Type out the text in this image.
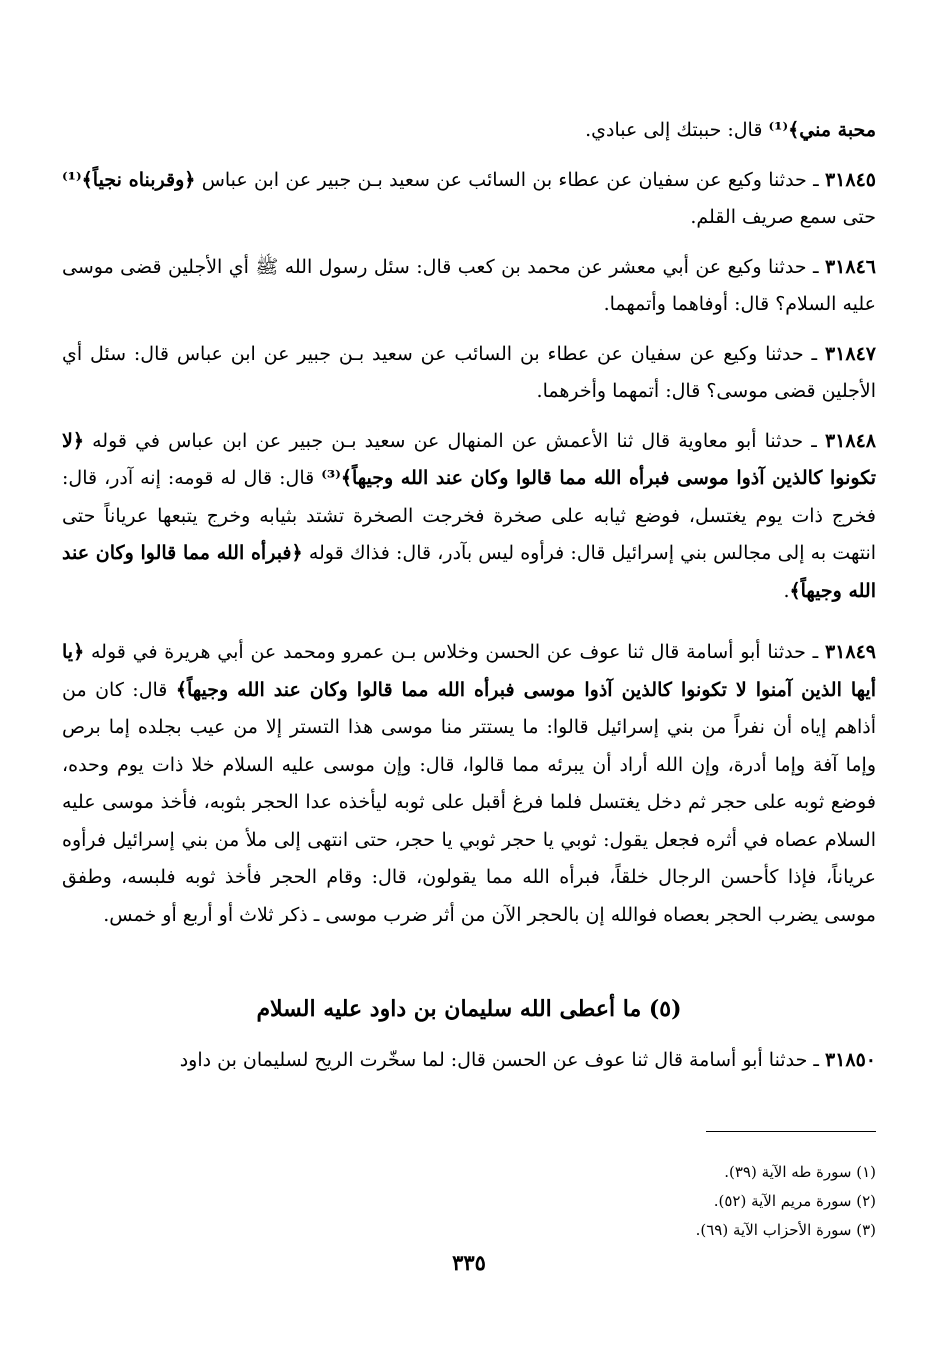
محبة مني﴾⁽¹⁾ قال: حببتك إلى عبادي.

٣١٨٤٥ ـ حدثنا وكيع عن سفيان عن عطاء بن السائب عن سعيد بـن جبير عن ابن عباس ﴿وقربناه نجياً﴾⁽¹⁾ حتى سمع صريف القلم.

٣١٨٤٦ ـ حدثنا وكيع عن أبي معشر عن محمد بن كعب قال: سئل رسول الله ﷺ أي الأجلين قضى موسى عليه السلام؟ قال: أوفاهما وأتمهما.

٣١٨٤٧ ـ حدثنا وكيع عن سفيان عن عطاء بن السائب عن سعيد بـن جبير عن ابن عباس قال: سئل أي الأجلين قضى موسى؟ قال: أتمهما وأخرهما.

٣١٨٤٨ ـ حدثنا أبو معاوية قال ثنا الأعمش عن المنهال عن سعيد بـن جبير عن ابن عباس في قوله ﴿لا تكونوا كالذين آذوا موسى فبرأه الله مما قالوا وكان عند الله وجيهاً﴾⁽³⁾ قال: قال له قومه: إنه آدر، قال: فخرج ذات يوم يغتسل، فوضع ثيابه على صخرة فخرجت الصخرة تشتد بثيابه وخرج يتبعها عرياناً حتى انتهت به إلى مجالس بني إسرائيل قال: فرأوه ليس بآدر، قال: فذاك قوله ﴿فبرأه الله مما قالوا وكان عند الله وجيهاً﴾.

٣١٨٤٩ ـ حدثنا أبو أسامة قال ثنا عوف عن الحسن وخلاس بـن عمرو ومحمد عن أبي هريرة في قوله ﴿يا أيها الذين آمنوا لا تكونوا كالذين آذوا موسى فبرأه الله مما قالوا وكان عند الله وجيهاً﴾ قال: كان من أذاهم إياه أن نفراً من بني إسرائيل قالوا: ما يستتر منا موسى هذا التستر إلا من عيب بجلده إما برص وإما آفة وإما أدرة، وإن الله أراد أن يبرئه مما قالوا، قال: وإن موسى عليه السلام خلا ذات يوم وحده، فوضع ثوبه على حجر ثم دخل يغتسل فلما فرغ أقبل على ثوبه ليأخذه عدا الحجر بثوبه، فأخذ موسى عليه السلام عصاه في أثره فجعل يقول: ثوبي يا حجر ثوبي يا حجر، حتى انتهى إلى ملأ من بني إسرائيل فرأوه عرياناً، فإذا كأحسن الرجال خلقاً، فبرأه الله مما يقولون، قال: وقام الحجر فأخذ ثوبه فلبسه، وطفق موسى يضرب الحجر بعصاه فوالله إن بالحجر الآن من أثر ضرب موسى ـ ذكر ثلاث أو أربع أو خمس.

(٥) ما أعطى الله سليمان بن داود عليه السلام

٣١٨٥٠ ـ حدثنا أبو أسامة قال ثنا عوف عن الحسن قال: لما سخّرت الريح لسليمان بن داود

(١) سورة طه الآية (٣٩).
(٢) سورة مريم الآية (٥٢).
(٣) سورة الأحزاب الآية (٦٩).
٣٣٥
